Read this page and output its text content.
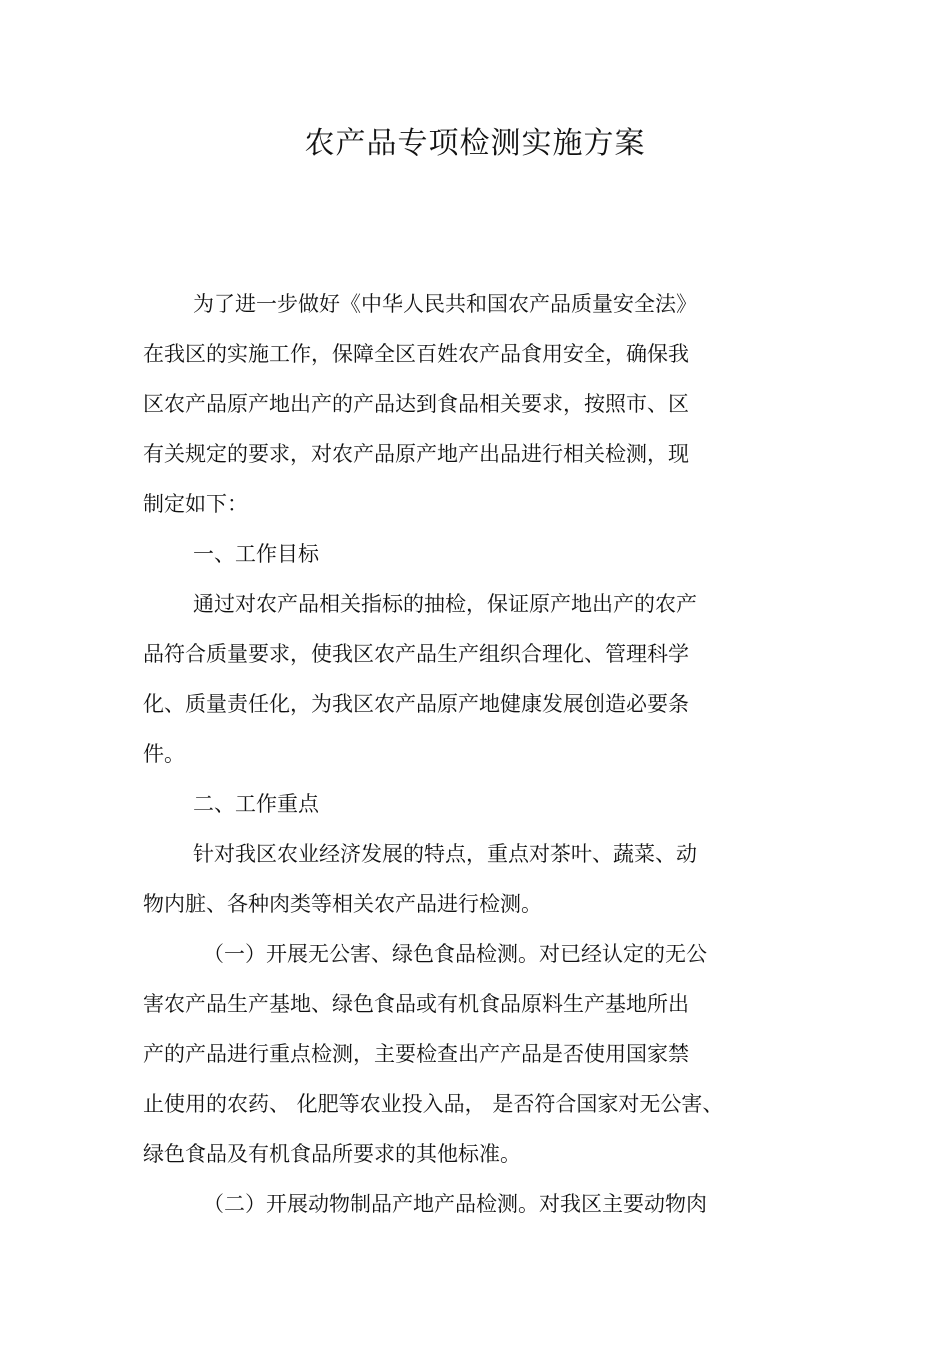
农产品专项检测实施方案
为了进一步做好《中华人民共和国农产品质量安全法》
在我区的实施工作，保障全区百姓农产品食用安全，确保我
区农产品原产地出产的产品达到食品相关要求，按照市、区
有关规定的要求，对农产品原产地产出品进行相关检测，现
制定如下：
一、工作目标
通过对农产品相关指标的抽检，保证原产地出产的农产
品符合质量要求，使我区农产品生产组织合理化、管理科学
化、质量责任化，为我区农产品原产地健康发展创造必要条
件。
二、工作重点
针对我区农业经济发展的特点，重点对茶叶、蔬菜、动
物内脏、各种肉类等相关农产品进行检测。
（一）开展无公害、绿色食品检测。对已经认定的无公
害农产品生产基地、绿色食品或有机食品原料生产基地所出
产的产品进行重点检测，主要检查出产产品是否使用国家禁
止使用的农药、 化肥等农业投入品， 是否符合国家对无公害、
绿色食品及有机食品所要求的其他标准。
（二）开展动物制品产地产品检测。对我区主要动物肉
